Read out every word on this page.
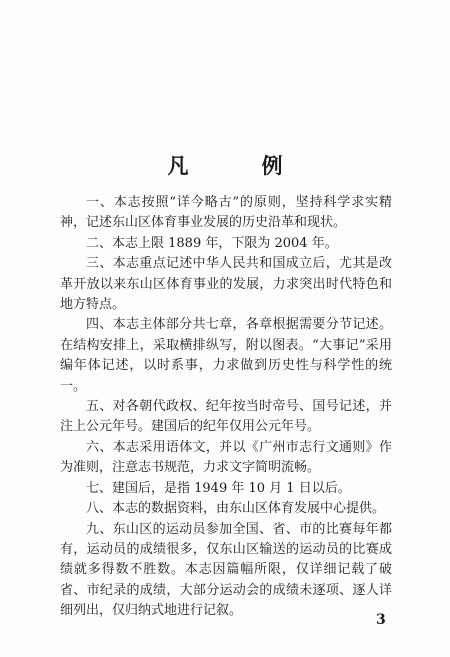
凡　例

一、本志按照“详今略古”的原则，坚持科学求实精神，记述东山区体育事业发展的历史沿革和现状。

二、本志上限 1889 年，下限为 2004 年。

三、本志重点记述中华人民共和国成立后，尤其是改革开放以来东山区体育事业的发展，力求突出时代特色和地方特点。

四、本志主体部分共七章，各章根据需要分节记述。在结构安排上，采取横排纵写，附以图表。“大事记”采用编年体记述，以时系事，力求做到历史性与科学性的统一。

五、对各朝代政权、纪年按当时帝号、国号记述，并注上公元年号。建国后的纪年仅用公元年号。

六、本志采用语体文，并以《广州市志行文通则》作为准则，注意志书规范，力求文字简明流畅。

七、建国后，是指 1949 年 10 月 1 日以后。

八、本志的数据资料，由东山区体育发展中心提供。

九、东山区的运动员参加全国、省、市的比赛每年都有，运动员的成绩很多，仅东山区输送的运动员的比赛成绩就多得数不胜数。本志因篇幅所限，仅详细记载了破省、市纪录的成绩，大部分运动会的成绩未逐项、逐人详细列出，仅归纳式地进行记叙。

3
